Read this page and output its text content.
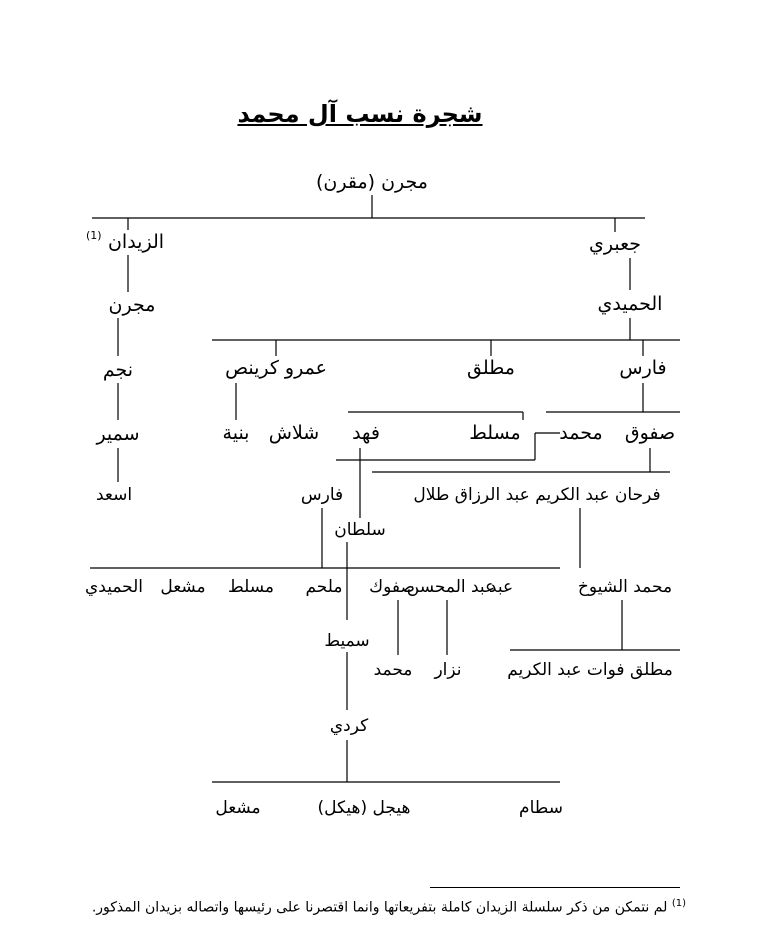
شجرة نسب آل محمد
مجرن (مقرن)
الزيدان
(1)	جعبري
مجرن	الحميدي
نجم	عمرو كرينص	مطلق	فارس
سمير	بنية شلاش فهد	مسلط محمد صفوق
اسعد	فارس	فرحان عبد الكريم عبد الرزاق طلال
سلطان
الحميدي مشعل مسلط ملحم صفوك
عبد المحسن
عبد	محمد الشيوخ
سميط
محمد نزار	مطلق فوات عبد الكريم
كردي
مشعل	هيجل (هيكل)	سطام
$^{(1)}$ لم نتمكن من ذكر سلسلة الزيدان كاملة بتفريعاتها وانما اقتصرنا على رئيسها واتصاله بزيدان المذكور.
